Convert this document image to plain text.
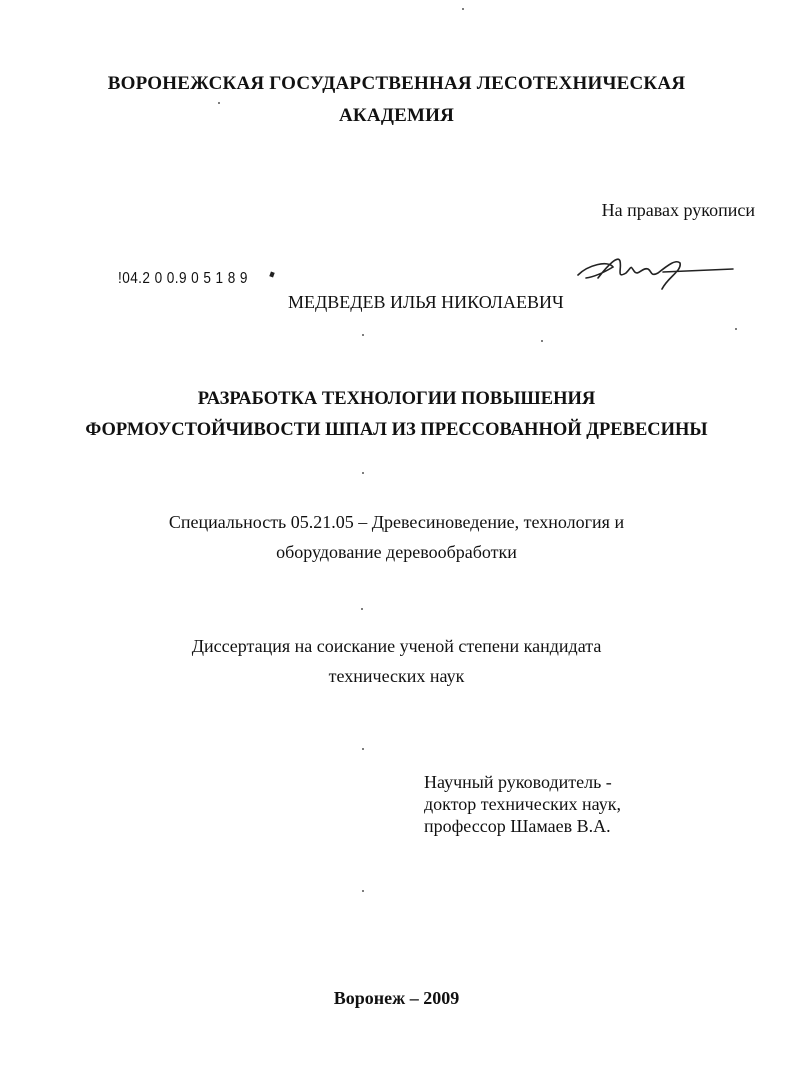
ВОРОНЕЖСКАЯ ГОСУДАРСТВЕННАЯ ЛЕСОТЕХНИЧЕСКАЯ
АКАДЕМИЯ
На правах рукописи
!04.2 0 0.9 0 5 1 8 9
МЕДВЕДЕВ ИЛЬЯ НИКОЛАЕВИЧ
РАЗРАБОТКА ТЕХНОЛОГИИ ПОВЫШЕНИЯ
ФОРМОУСТОЙЧИВОСТИ ШПАЛ ИЗ ПРЕССОВАННОЙ ДРЕВЕСИНЫ
Специальность 05.21.05 – Древесиноведение, технология и
оборудование деревообработки
Диссертация на соискание ученой степени кандидата
технических наук
Научный руководитель -
доктор технических наук,
профессор Шамаев В.А.
Воронеж – 2009
